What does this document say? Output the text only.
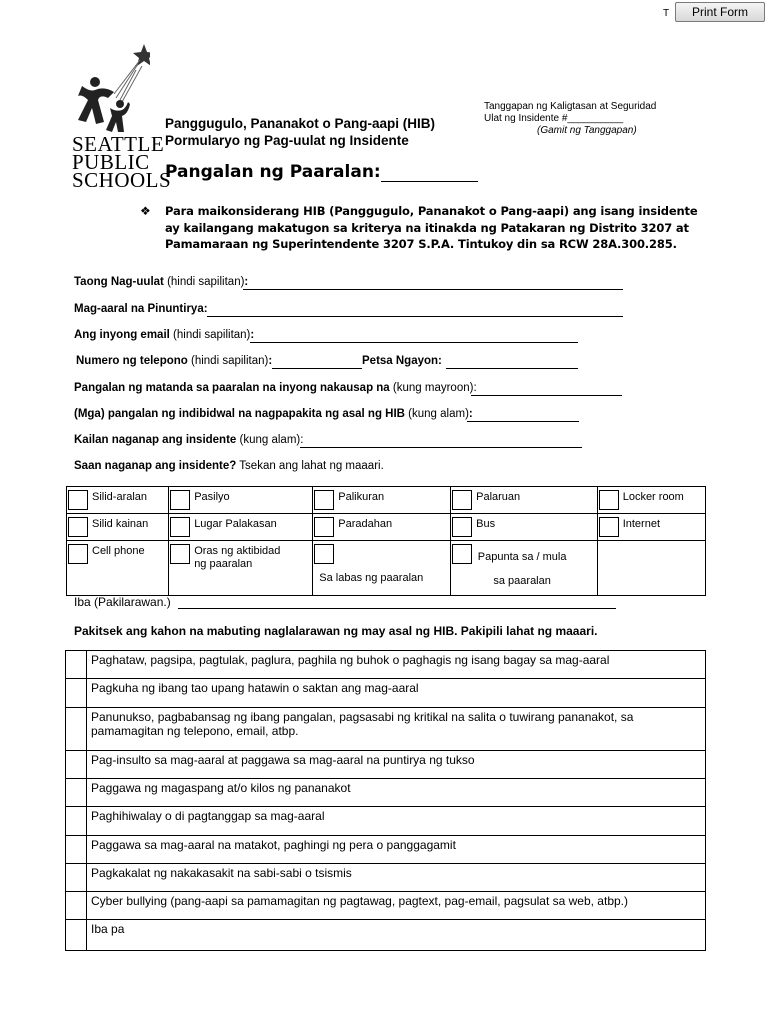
T	Print Form
SEATTLE
PUBLIC
SCHOOLS
Panggugulo, Pananakot o Pang-aapi (HIB)
Pormularyo ng Pag-uulat ng Insidente
Tanggapan ng Kaligtasan at Seguridad
Ulat ng Insidente #__________
(Gamit ng Tanggapan)
Pangalan ng Paaralan:
❖ Para maikonsiderang HIB (Panggugulo, Pananakot o Pang-aapi) ang isang insidente ay kailangang makatugon sa kriterya na itinakda ng Patakaran ng Distrito 3207 at Pamamaraan ng Superintendente 3207 S.P.A. Tintukoy din sa RCW 28A.300.285.
Taong Nag-uulat (hindi sapilitan):
Mag-aaral na Pinuntirya:
Ang inyong email (hindi sapilitan):
Numero ng telepono (hindi sapilitan):	Petsa Ngayon:
Pangalan ng matanda sa paaralan na inyong nakausap na (kung mayroon):
(Mga) pangalan ng indibidwal na nagpapakita ng asal ng HIB (kung alam):
Kailan naganap ang insidente (kung alam):
Saan naganap ang insidente? Tsekan ang lahat ng maaari.
Silid-aralan	Pasilyo	Palikuran	Palaruan	Locker room

Silid kainan	Lugar Palakasan	Paradahan	Bus	Internet

Cell phone	Oras ng aktibidad ng paaralan	Sa labas ng paaralan	Papunta sa / mula sa paaralan	

Iba (Pakilarawan.)
Pakitsek ang kahon na mabuting naglalarawan ng may asal ng HIB. Pakipili lahat ng maaari.
	Paghataw, pagsipa, pagtulak, paglura, paghila ng buhok o paghagis ng isang bagay sa mag-aaral
	Pagkuha ng ibang tao upang hatawin o saktan ang mag-aaral
	Panunukso, pagbabansag ng ibang pangalan, pagsasabi ng kritikal na salita o tuwirang pananakot, sa pamamagitan ng telepono, email, atbp.
	Pag-insulto sa mag-aaral at paggawa sa mag-aaral na puntirya ng tukso
	Paggawa ng magaspang at/o kilos ng pananakot
	Paghihiwalay o di pagtanggap sa mag-aaral
	Paggawa sa mag-aaral na matakot, paghingi ng pera o panggagamit
	Pagkakalat ng nakakasakit na sabi-sabi o tsismis
	Cyber bullying (pang-aapi sa pamamagitan ng pagtawag, pagtext, pag-email, pagsulat sa web, atbp.)
	Iba pa
